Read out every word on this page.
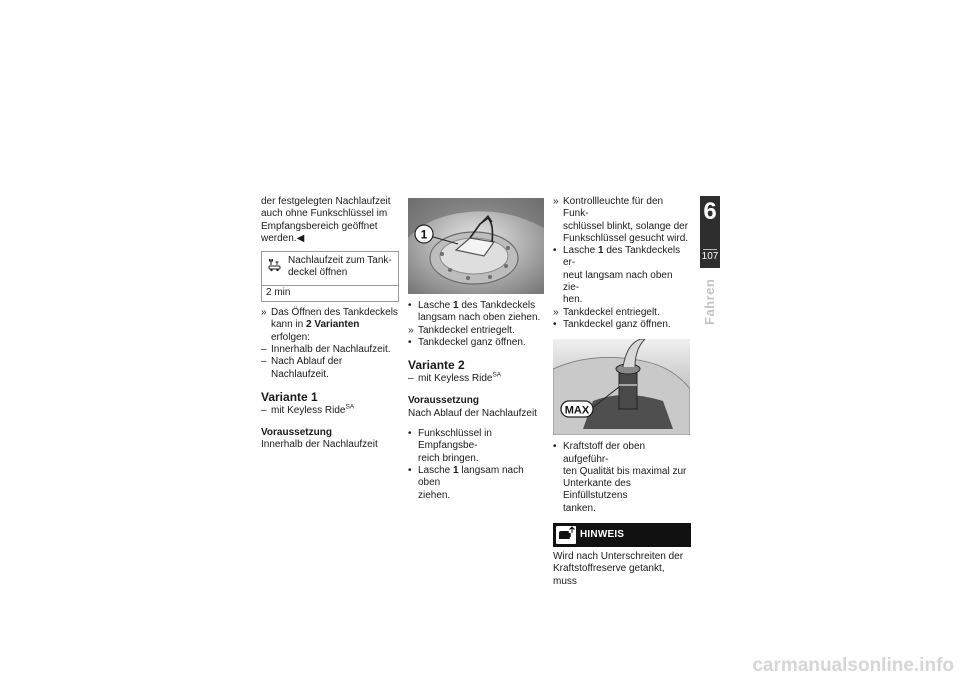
der festgelegten Nachlaufzeit
auch ohne Funkschlüssel im
Empfangsbereich geöffnet
werden.◀

Nachlaufzeit zum Tank-
deckel öffnen
2 min
» Das Öffnen des Tankdeckels
kann in 2 Varianten erfolgen:
– Innerhalb der Nachlaufzeit.
– Nach Ablauf der Nachlaufzeit.
Variante 1
– mit Keyless Ride$^{SA}$
Voraussetzung

Innerhalb der Nachlaufzeit

1
• Lasche 1 des Tankdeckels
langsam nach oben ziehen.
» Tankdeckel entriegelt.
• Tankdeckel ganz öffnen.
Variante 2
– mit Keyless Ride$^{SA}$
Voraussetzung

Nach Ablauf der Nachlaufzeit

• Funkschlüssel in Empfangsbe-
reich bringen.
• Lasche 1 langsam nach oben
ziehen.
» Kontrollleuchte für den Funk-
schlüssel blinkt, solange der
Funkschlüssel gesucht wird.
• Lasche 1 des Tankdeckels er-
neut langsam nach oben zie-
hen.
» Tankdeckel entriegelt.
• Tankdeckel ganz öffnen.
MAX
• Kraftstoff der oben aufgeführ-
ten Qualität bis maximal zur
Unterkante des Einfüllstutzens
tanken.
HINWEIS

Wird nach Unterschreiten der
Kraftstoffreserve getankt, muss

6
107
Fahren
carmanualsonline.info
